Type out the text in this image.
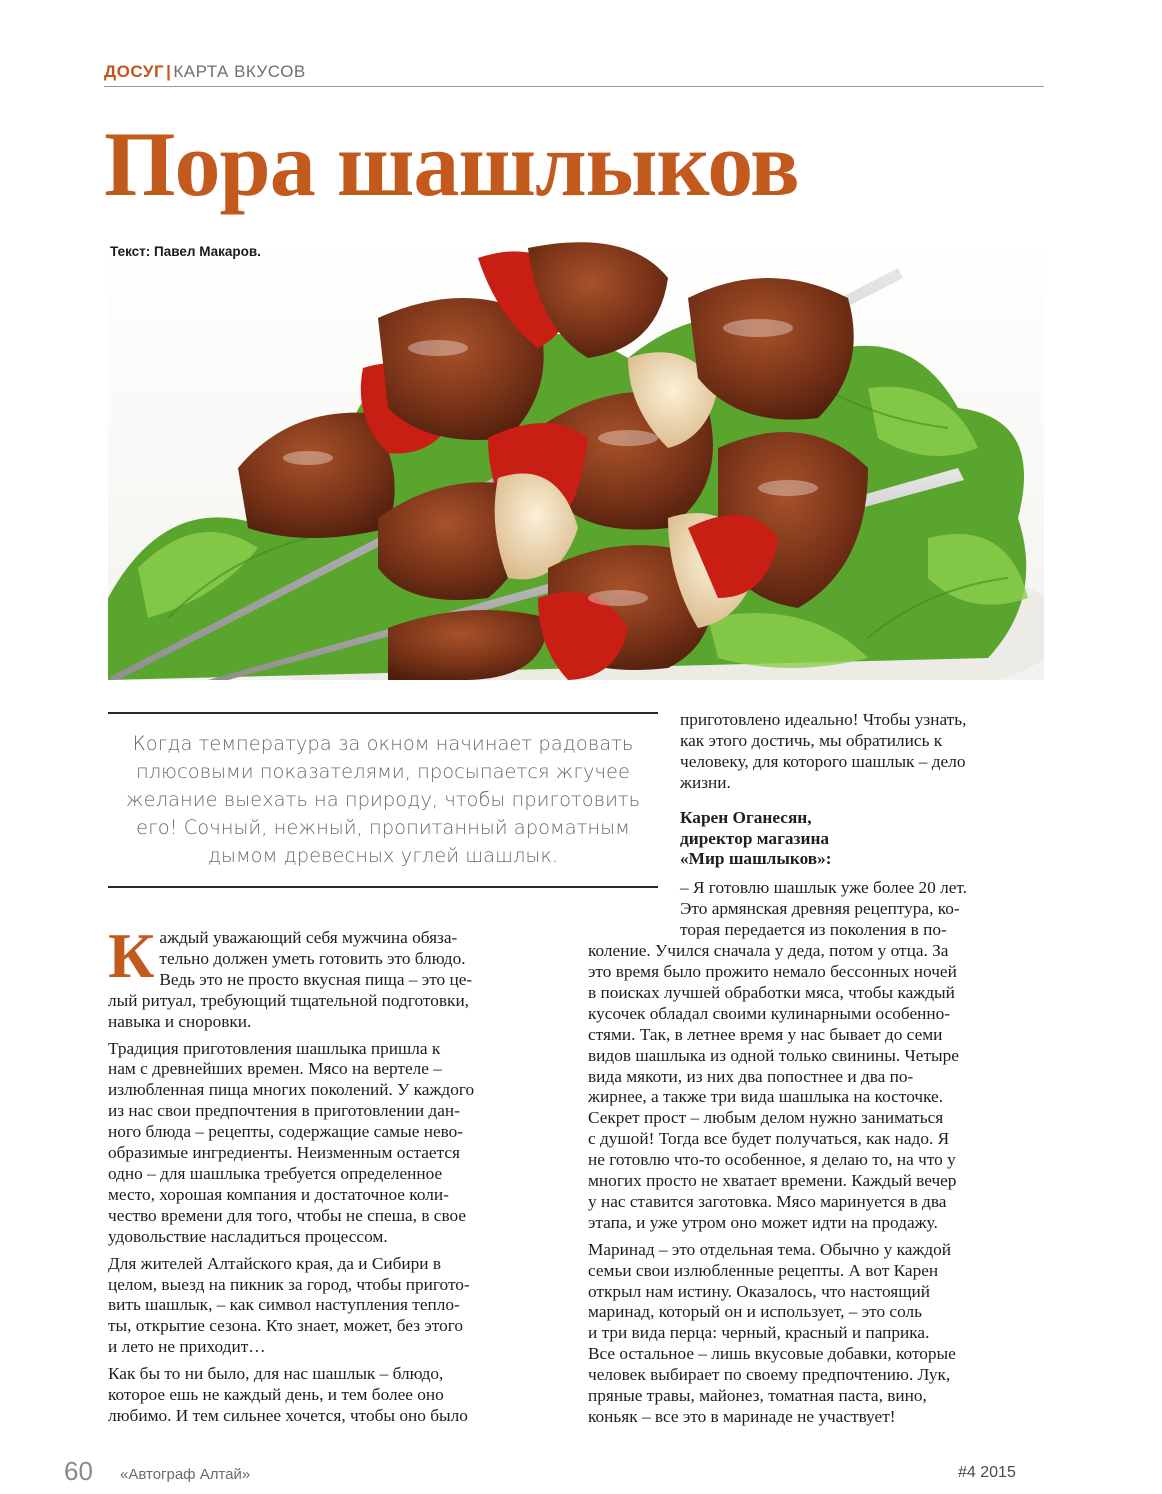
ДОСУГ | КАРТА ВКУСОВ
Пора шашлыков
Текст: Павел Макаров.

Когда температура за окном начинает радовать плюсовыми показателями, просыпается жгучее желание выехать на природу, чтобы приготовить его! Сочный, нежный, пропитанный ароматным дымом древесных углей шашлык.

К аждый уважающий себя мужчина обяза-
тельно должен уметь готовить это блюдо.
Ведь это не просто вкусная пища – это це-
лый ритуал, требующий тщательной подготовки,
навыка и сноровки.
Традиция приготовления шашлыка пришла к
нам с древнейших времен. Мясо на вертеле –
излюбленная пища многих поколений. У каждого
из нас свои предпочтения в приготовлении дан-
ного блюда – рецепты, содержащие самые нево-
образимые ингредиенты. Неизменным остается
одно – для шашлыка требуется определенное
место, хорошая компания и достаточное коли-
чество времени для того, чтобы не спеша, в свое
удовольствие насладиться процессом.
Для жителей Алтайского края, да и Сибири в
целом, выезд на пикник за город, чтобы пригото-
вить шашлык, – как символ наступления тепло-
ты, открытие сезона. Кто знает, может, без этого
и лето не приходит…
Как бы то ни было, для нас шашлык – блюдо,
которое ешь не каждый день, и тем более оно
любимо. И тем сильнее хочется, чтобы оно было
приготовлено идеально! Чтобы узнать,
как этого достичь, мы обратились к
человеку, для которого шашлык – дело
жизни.
Карен Оганесян,
директор магазина
«Мир шашлыков»:
– Я готовлю шашлык уже более 20 лет.
Это армянская древняя рецептура, ко-
торая передается из поколения в по-
коление. Учился сначала у деда, потом у отца. За
это время было прожито немало бессонных ночей
в поисках лучшей обработки мяса, чтобы каждый
кусочек обладал своими кулинарными особенно-
стями. Так, в летнее время у нас бывает до семи
видов шашлыка из одной только свинины. Четыре
вида мякоти, из них два попостнее и два по-
жирнее, а также три вида шашлыка на косточке.
Секрет прост – любым делом нужно заниматься
с душой! Тогда все будет получаться, как надо. Я
не готовлю что-то особенное, я делаю то, на что у
многих просто не хватает времени. Каждый вечер
у нас ставится заготовка. Мясо маринуется в два
этапа, и уже утром оно может идти на продажу.
Маринад – это отдельная тема. Обычно у каждой
семьи свои излюбленные рецепты. А вот Карен
открыл нам истину. Оказалось, что настоящий
маринад, который он и использует, – это соль
и три вида перца: черный, красный и паприка.
Все остальное – лишь вкусовые добавки, которые
человек выбирает по своему предпочтению. Лук,
пряные травы, майонез, томатная паста, вино,
коньяк – все это в маринаде не участвует!
60 «Автограф Алтай»	#4 2015
